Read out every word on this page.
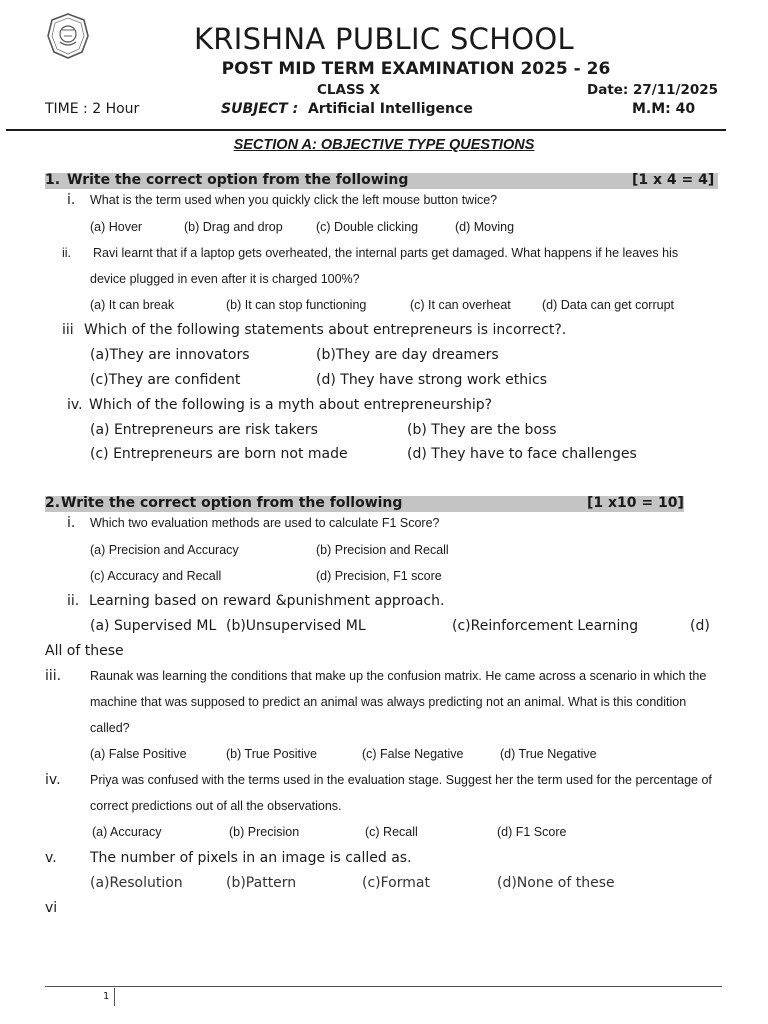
KRISHNA PUBLIC SCHOOL
POST MID TERM EXAMINATION 2025 - 26
CLASS X	Date: 27/11/2025
TIME : 2 Hour	SUBJECT : Artificial Intelligence	M.M: 40
SECTION A: OBJECTIVE TYPE QUESTIONS
1. Write the correct option from the following	[1 x 4 = 4]
i. What is the term used when you quickly click the left mouse button twice?
(a) Hover	(b) Drag and drop	(c) Double clicking	(d) Moving
ii. Ravi learnt that if a laptop gets overheated, the internal parts get damaged. What happens if he leaves his
device plugged in even after it is charged 100%?
(a) It can break	(b) It can stop functioning	(c) It can overheat	(d) Data can get corrupt
iii Which of the following statements about entrepreneurs is incorrect?.
(a)They are innovators	(b)They are day dreamers
(c)They are confident	(d) They have strong work ethics
iv. Which of the following is a myth about entrepreneurship?
(a) Entrepreneurs are risk takers	(b) They are the boss
(c) Entrepreneurs are born not made	(d) They have to face challenges
2. Write the correct option from the following	[1 x10 = 10]
i. Which two evaluation methods are used to calculate F1 Score?
(a) Precision and Accuracy	(b) Precision and Recall
(c) Accuracy and Recall	(d) Precision, F1 score
ii. Learning based on reward &punishment approach.
(a) Supervised ML (b)Unsupervised ML	(c)Reinforcement Learning	(d)
All of these
iii. Raunak was learning the conditions that make up the confusion matrix. He came across a scenario in which the
machine that was supposed to predict an animal was always predicting not an animal. What is this condition
called?
(a) False Positive	(b) True Positive	(c) False Negative	(d) True Negative
iv. Priya was confused with the terms used in the evaluation stage. Suggest her the term used for the percentage of
correct predictions out of all the observations.
(a) Accuracy	(b) Precision	(c) Recall	(d) F1 Score
v. The number of pixels in an image is called as.
(a)Resolution	(b)Pattern	(c)Format	(d)None of these
vi
1
